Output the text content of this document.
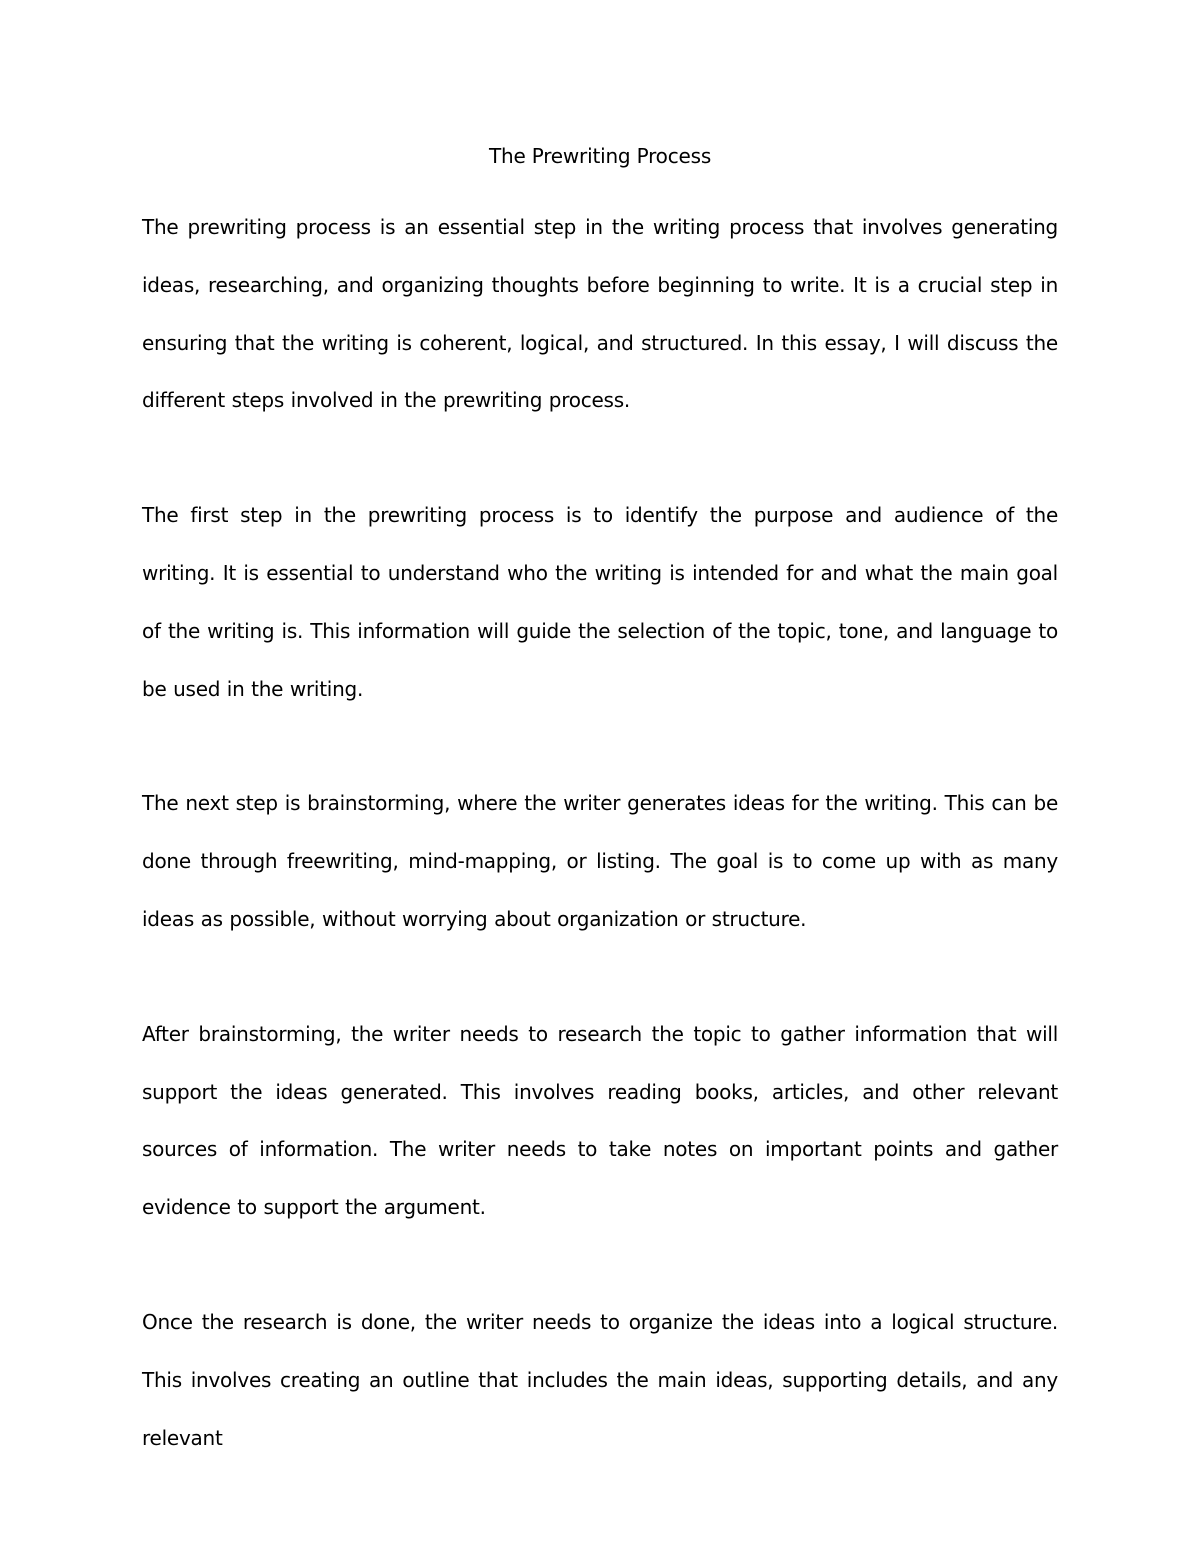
The Prewriting Process

The prewriting process is an essential step in the writing process that involves generating ideas, researching, and organizing thoughts before beginning to write. It is a crucial step in ensuring that the writing is coherent, logical, and structured. In this essay, I will discuss the different steps involved in the prewriting process.

The first step in the prewriting process is to identify the purpose and audience of the writing. It is essential to understand who the writing is intended for and what the main goal of the writing is. This information will guide the selection of the topic, tone, and language to be used in the writing.

The next step is brainstorming, where the writer generates ideas for the writing. This can be done through freewriting, mind-mapping, or listing. The goal is to come up with as many ideas as possible, without worrying about organization or structure.

After brainstorming, the writer needs to research the topic to gather information that will support the ideas generated. This involves reading books, articles, and other relevant sources of information. The writer needs to take notes on important points and gather evidence to support the argument.

Once the research is done, the writer needs to organize the ideas into a logical structure. This involves creating an outline that includes the main ideas, supporting details, and any relevant
